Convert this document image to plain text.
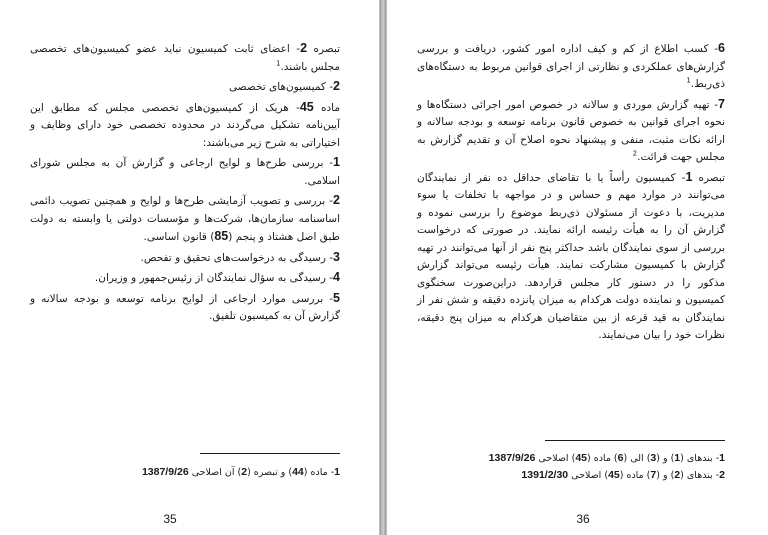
تبصره 2- اعضای ثابت کمیسیون نباید عضو کمیسیون‌های تخصصی مجلس باشند.$^1$

2- کمیسیون‌های تخصصی

ماده 45- هریک از کمیسیون‌های تخصصی مجلس که مطابق این آیین‌نامه تشکیل می‌گردند در محدوده تخصصی خود دارای وظایف و اختیاراتی به شرح زیر می‌باشند:

1- بررسی طرح‌ها و لوایح ارجاعی و گزارش آن به مجلس شورای اسلامی.

2- بررسی و تصویب آزمایشی طرح‌ها و لوایح و همچنین تصویب دائمی اساسنامه سازمان‌ها، شرکت‌ها و مؤسسات دولتی یا وابسته به دولت طبق اصل هشتاد و پنجم (85) قانون اساسی.

3- رسیدگی به درخواست‌های تحقیق و تفحص.

4- رسیدگی به سؤال نمایندگان از رئیس‌جمهور و وزیران.

5- بررسی موارد ارجاعی از لوایح برنامه توسعه و بودجه سالانه و گزارش آن به کمیسیون تلفیق.

1- ماده (44) و تبصره (2) آن اصلاحی 1387/9/26
35

6- کسب اطلاع از کم و کیف اداره امور کشور، دریافت و بررسی گزارش‌های عملکردی و نظارتی از اجرای قوانین مربوط به دستگاه‌های ذی‌ربط.$^1$

7- تهیه گزارش موردی و سالانه در خصوص امور اجرائی دستگاه‌ها و نحوه اجرای قوانین به خصوص قانون برنامه توسعه و بودجه سالانه و ارائه نکات مثبت، منفی و پیشنهاد نحوه اصلاح آن و تقدیم گزارش به مجلس جهت قرائت.$^2$

تبصره 1- کمیسیون رأساً یا با تقاضای حداقل ده نفر از نمایندگان می‌توانند در موارد مهم و حساس و در مواجهه با تخلفات یا سوء مدیریت، با دعوت از مسئولان ذی‌ربط موضوع را بررسی نموده و گزارش آن را به هیأت رئیسه ارائه نمایند. در صورتی که درخواست بررسی از سوی نمایندگان باشد حداکثر پنج نفر از آنها می‌توانند در تهیه گزارش با کمیسیون مشارکت نمایند. هیأت رئیسه می‌تواند گزارش مذکور را در دستور کار مجلس قراردهد. دراین‌صورت سخنگوی کمیسیون و نماینده دولت هرکدام به میزان پانزده دقیقه و شش نفر از نمایندگان به قید قرعه از بین متقاضیان هرکدام به میزان پنج دقیقه، نظرات خود را بیان می‌نمایند.

1- بندهای (1) و (3) الی (6) ماده (45) اصلاحی 1387/9/26
2- بندهای (2) و (7) ماده (45) اصلاحی 1391/2/30
36
